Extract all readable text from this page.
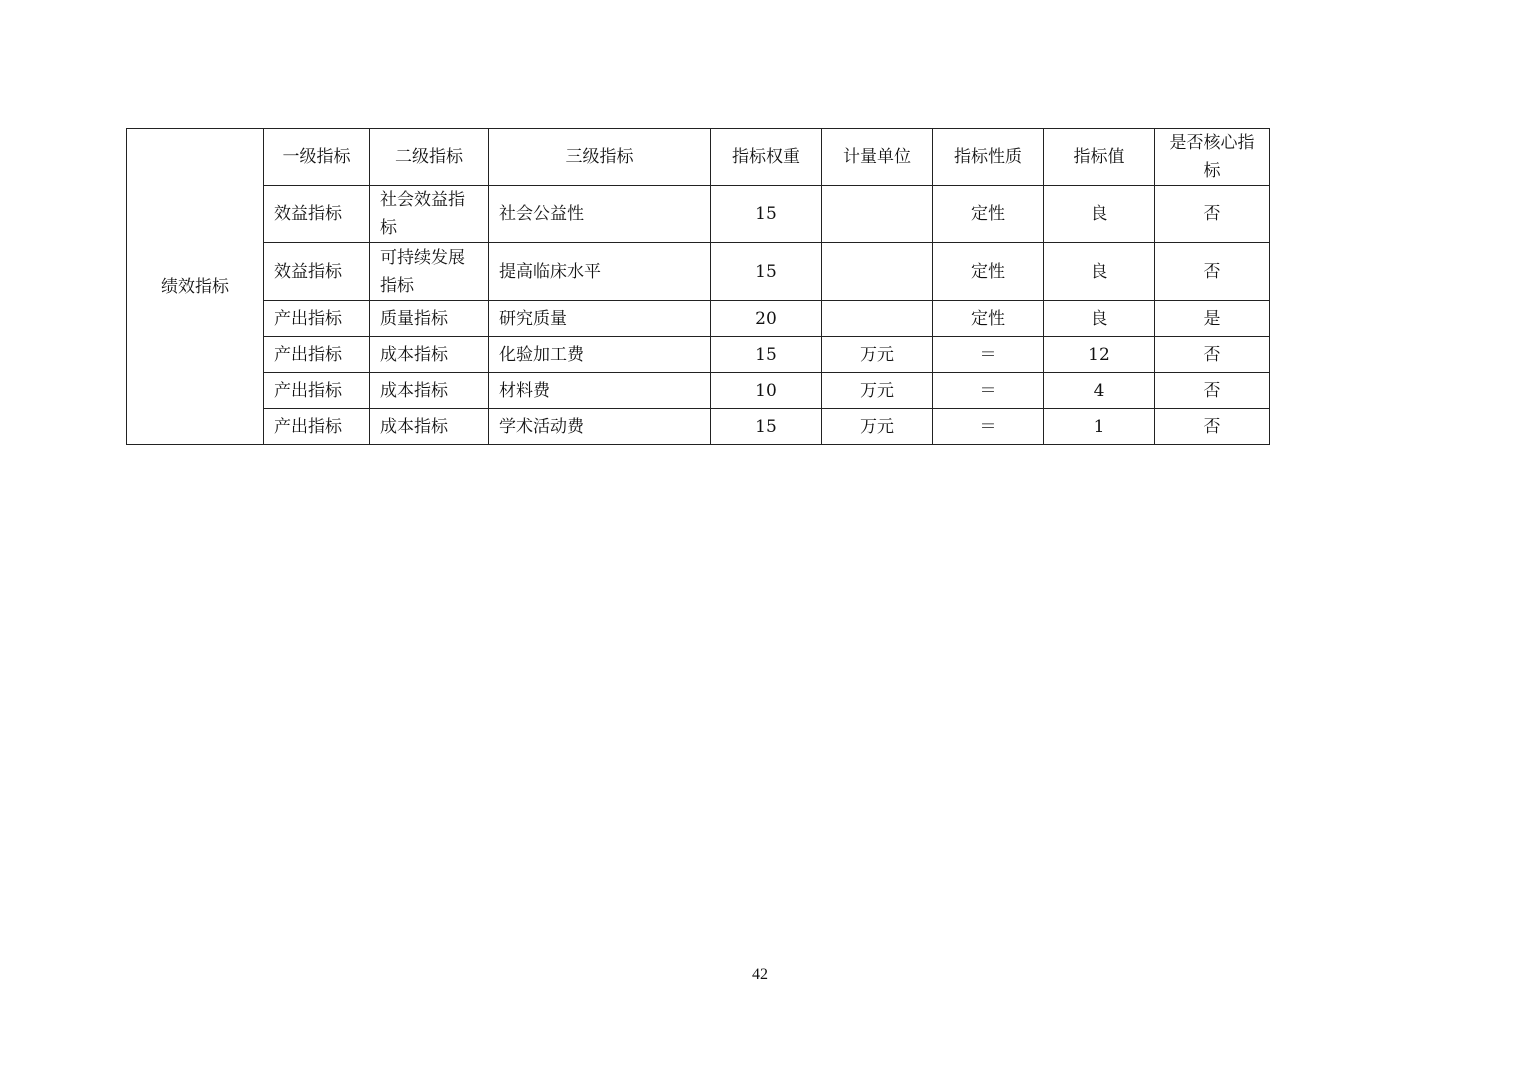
绩效指标	一级指标	二级指标	三级指标	指标权重	计量单位	指标性质	指标值	是否核心指标
	效益指标	社会效益指标	社会公益性	15		定性	良	否
	效益指标	可持续发展指标	提高临床水平	15		定性	良	否
	产出指标	质量指标	研究质量	20		定性	良	是
	产出指标	成本指标	化验加工费	15	万元	＝	12	否
	产出指标	成本指标	材料费	10	万元	＝	4	否
	产出指标	成本指标	学术活动费	15	万元	＝	1	否
42
